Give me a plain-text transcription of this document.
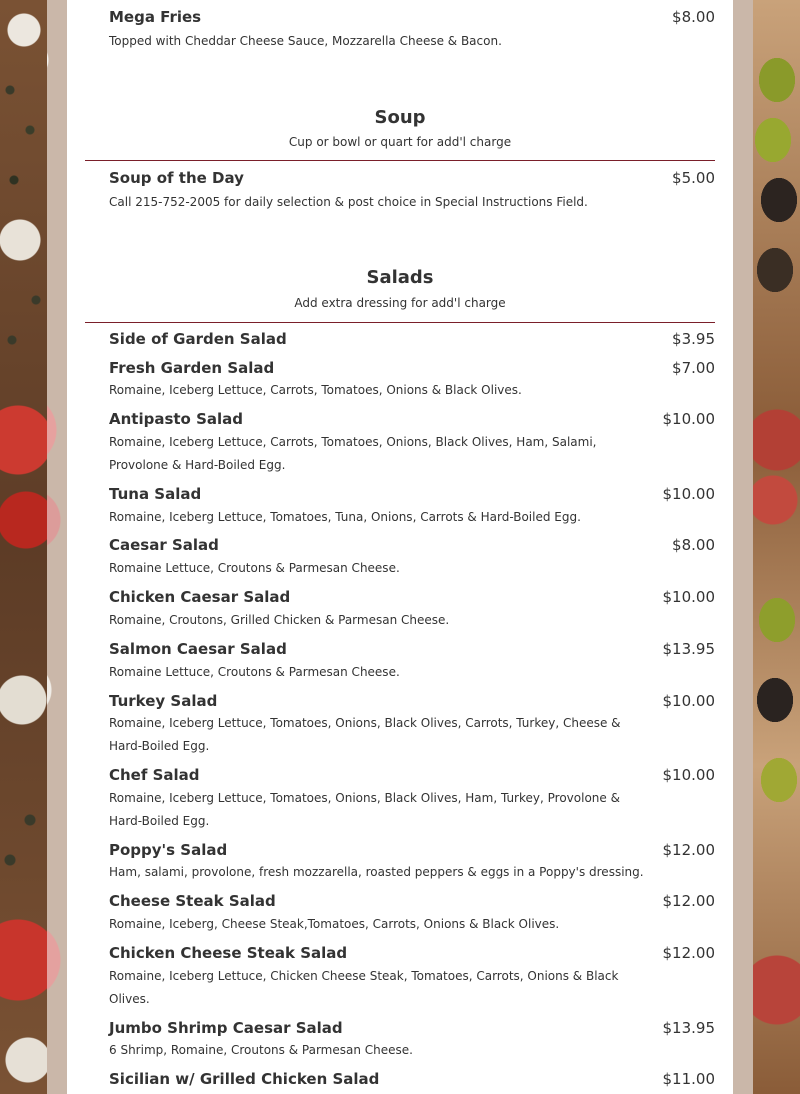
Mega Fries	$8.00
Topped with Cheddar Cheese Sauce, Mozzarella Cheese & Bacon.
Soup
Cup or bowl or quart for add'l charge
Soup of the Day	$5.00
Call 215-752-2005 for daily selection & post choice in Special Instructions Field.
Salads
Add extra dressing for add'l charge
Side of Garden Salad	$3.95
Fresh Garden Salad	$7.00
Romaine, Iceberg Lettuce, Carrots, Tomatoes, Onions & Black Olives.
Antipasto Salad	$10.00
Romaine, Iceberg Lettuce, Carrots, Tomatoes, Onions, Black Olives, Ham, Salami, Provolone & Hard-Boiled Egg.
Tuna Salad	$10.00
Romaine, Iceberg Lettuce, Tomatoes, Tuna, Onions, Carrots & Hard-Boiled Egg.
Caesar Salad	$8.00
Romaine Lettuce, Croutons & Parmesan Cheese.
Chicken Caesar Salad	$10.00
Romaine, Croutons, Grilled Chicken & Parmesan Cheese.
Salmon Caesar Salad	$13.95
Romaine Lettuce, Croutons & Parmesan Cheese.
Turkey Salad	$10.00
Romaine, Iceberg Lettuce, Tomatoes, Onions, Black Olives, Carrots, Turkey, Cheese & Hard-Boiled Egg.
Chef Salad	$10.00
Romaine, Iceberg Lettuce, Tomatoes, Onions, Black Olives, Ham, Turkey, Provolone & Hard-Boiled Egg.
Poppy's Salad	$12.00
Ham, salami, provolone, fresh mozzarella, roasted peppers & eggs in a Poppy's dressing.
Cheese Steak Salad	$12.00
Romaine, Iceberg, Cheese Steak,Tomatoes, Carrots, Onions & Black Olives.
Chicken Cheese Steak Salad	$12.00
Romaine, Iceberg Lettuce, Chicken Cheese Steak, Tomatoes, Carrots, Onions & Black Olives.
Jumbo Shrimp Caesar Salad	$13.95
6 Shrimp, Romaine, Croutons & Parmesan Cheese.
Sicilian w/ Grilled Chicken Salad	$11.00
